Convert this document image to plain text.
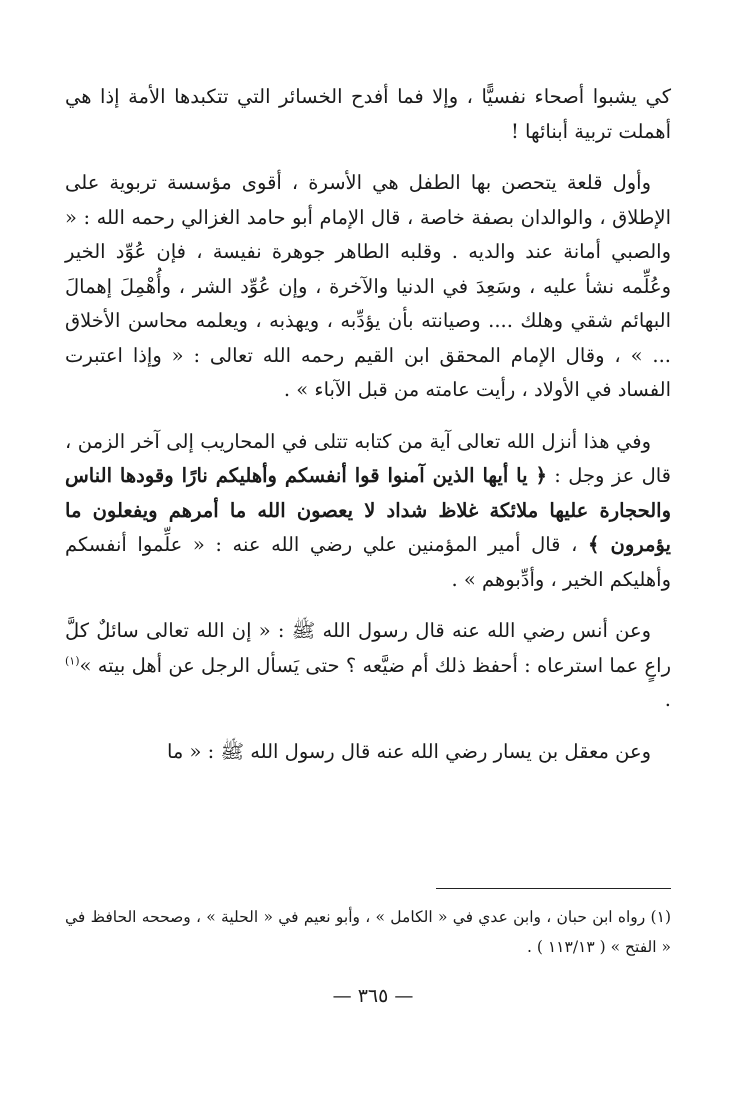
كي يشبوا أصحاء نفسيًّا ، وإلا فما أفدح الخسائر التي تتكبدها الأمة إذا هي أهملت تربية أبنائها !

وأول قلعة يتحصن بها الطفل هي الأسرة ، أقوى مؤسسة تربوية على الإطلاق ، والوالدان بصفة خاصة ، قال الإمام أبو حامد الغزالي رحمه الله : « والصبي أمانة عند والديه . وقلبه الطاهر جوهرة نفيسة ، فإن عُوِّد الخير وعُلِّمه نشأ عليه ، وسَعِدَ في الدنيا والآخرة ، وإن عُوِّد الشر ، وأُهْمِلَ إهمالَ البهائم شقي وهلك .... وصيانته بأن يؤدِّبه ، ويهذبه ، ويعلمه محاسن الأخلاق ... » ، وقال الإمام المحقق ابن القيم رحمه الله تعالى : « وإذا اعتبرت الفساد في الأولاد ، رأيت عامته من قبل الآباء » .

وفي هذا أنزل الله تعالى آية من كتابه تتلى في المحاريب إلى آخر الزمن ، قال عز وجل : ﴿ يا أيها الذين آمنوا قوا أنفسكم وأهليكم نارًا وقودها الناس والحجارة عليها ملائكة غلاظ شداد لا يعصون الله ما أمرهم ويفعلون ما يؤمرون ﴾ ، قال أمير المؤمنين علي رضي الله عنه : « علِّموا أنفسكم وأهليكم الخير ، وأدِّبوهم » .

وعن أنس رضي الله عنه قال رسول الله ﷺ : « إن الله تعالى سائلٌ كلَّ راعٍ عما استرعاه : أحفظ ذلك أم ضيَّعه ؟ حتى يَسأل الرجل عن أهل بيته »$^{(١)}$ .

وعن معقل بن يسار رضي الله عنه قال رسول الله ﷺ : « ما

(١) رواه ابن حبان ، وابن عدي في « الكامل » ، وأبو نعيم في « الحلية » ، وصححه الحافظ في « الفتح » ( ١١٣/١٣ ) .
— ٣٦٥ —
